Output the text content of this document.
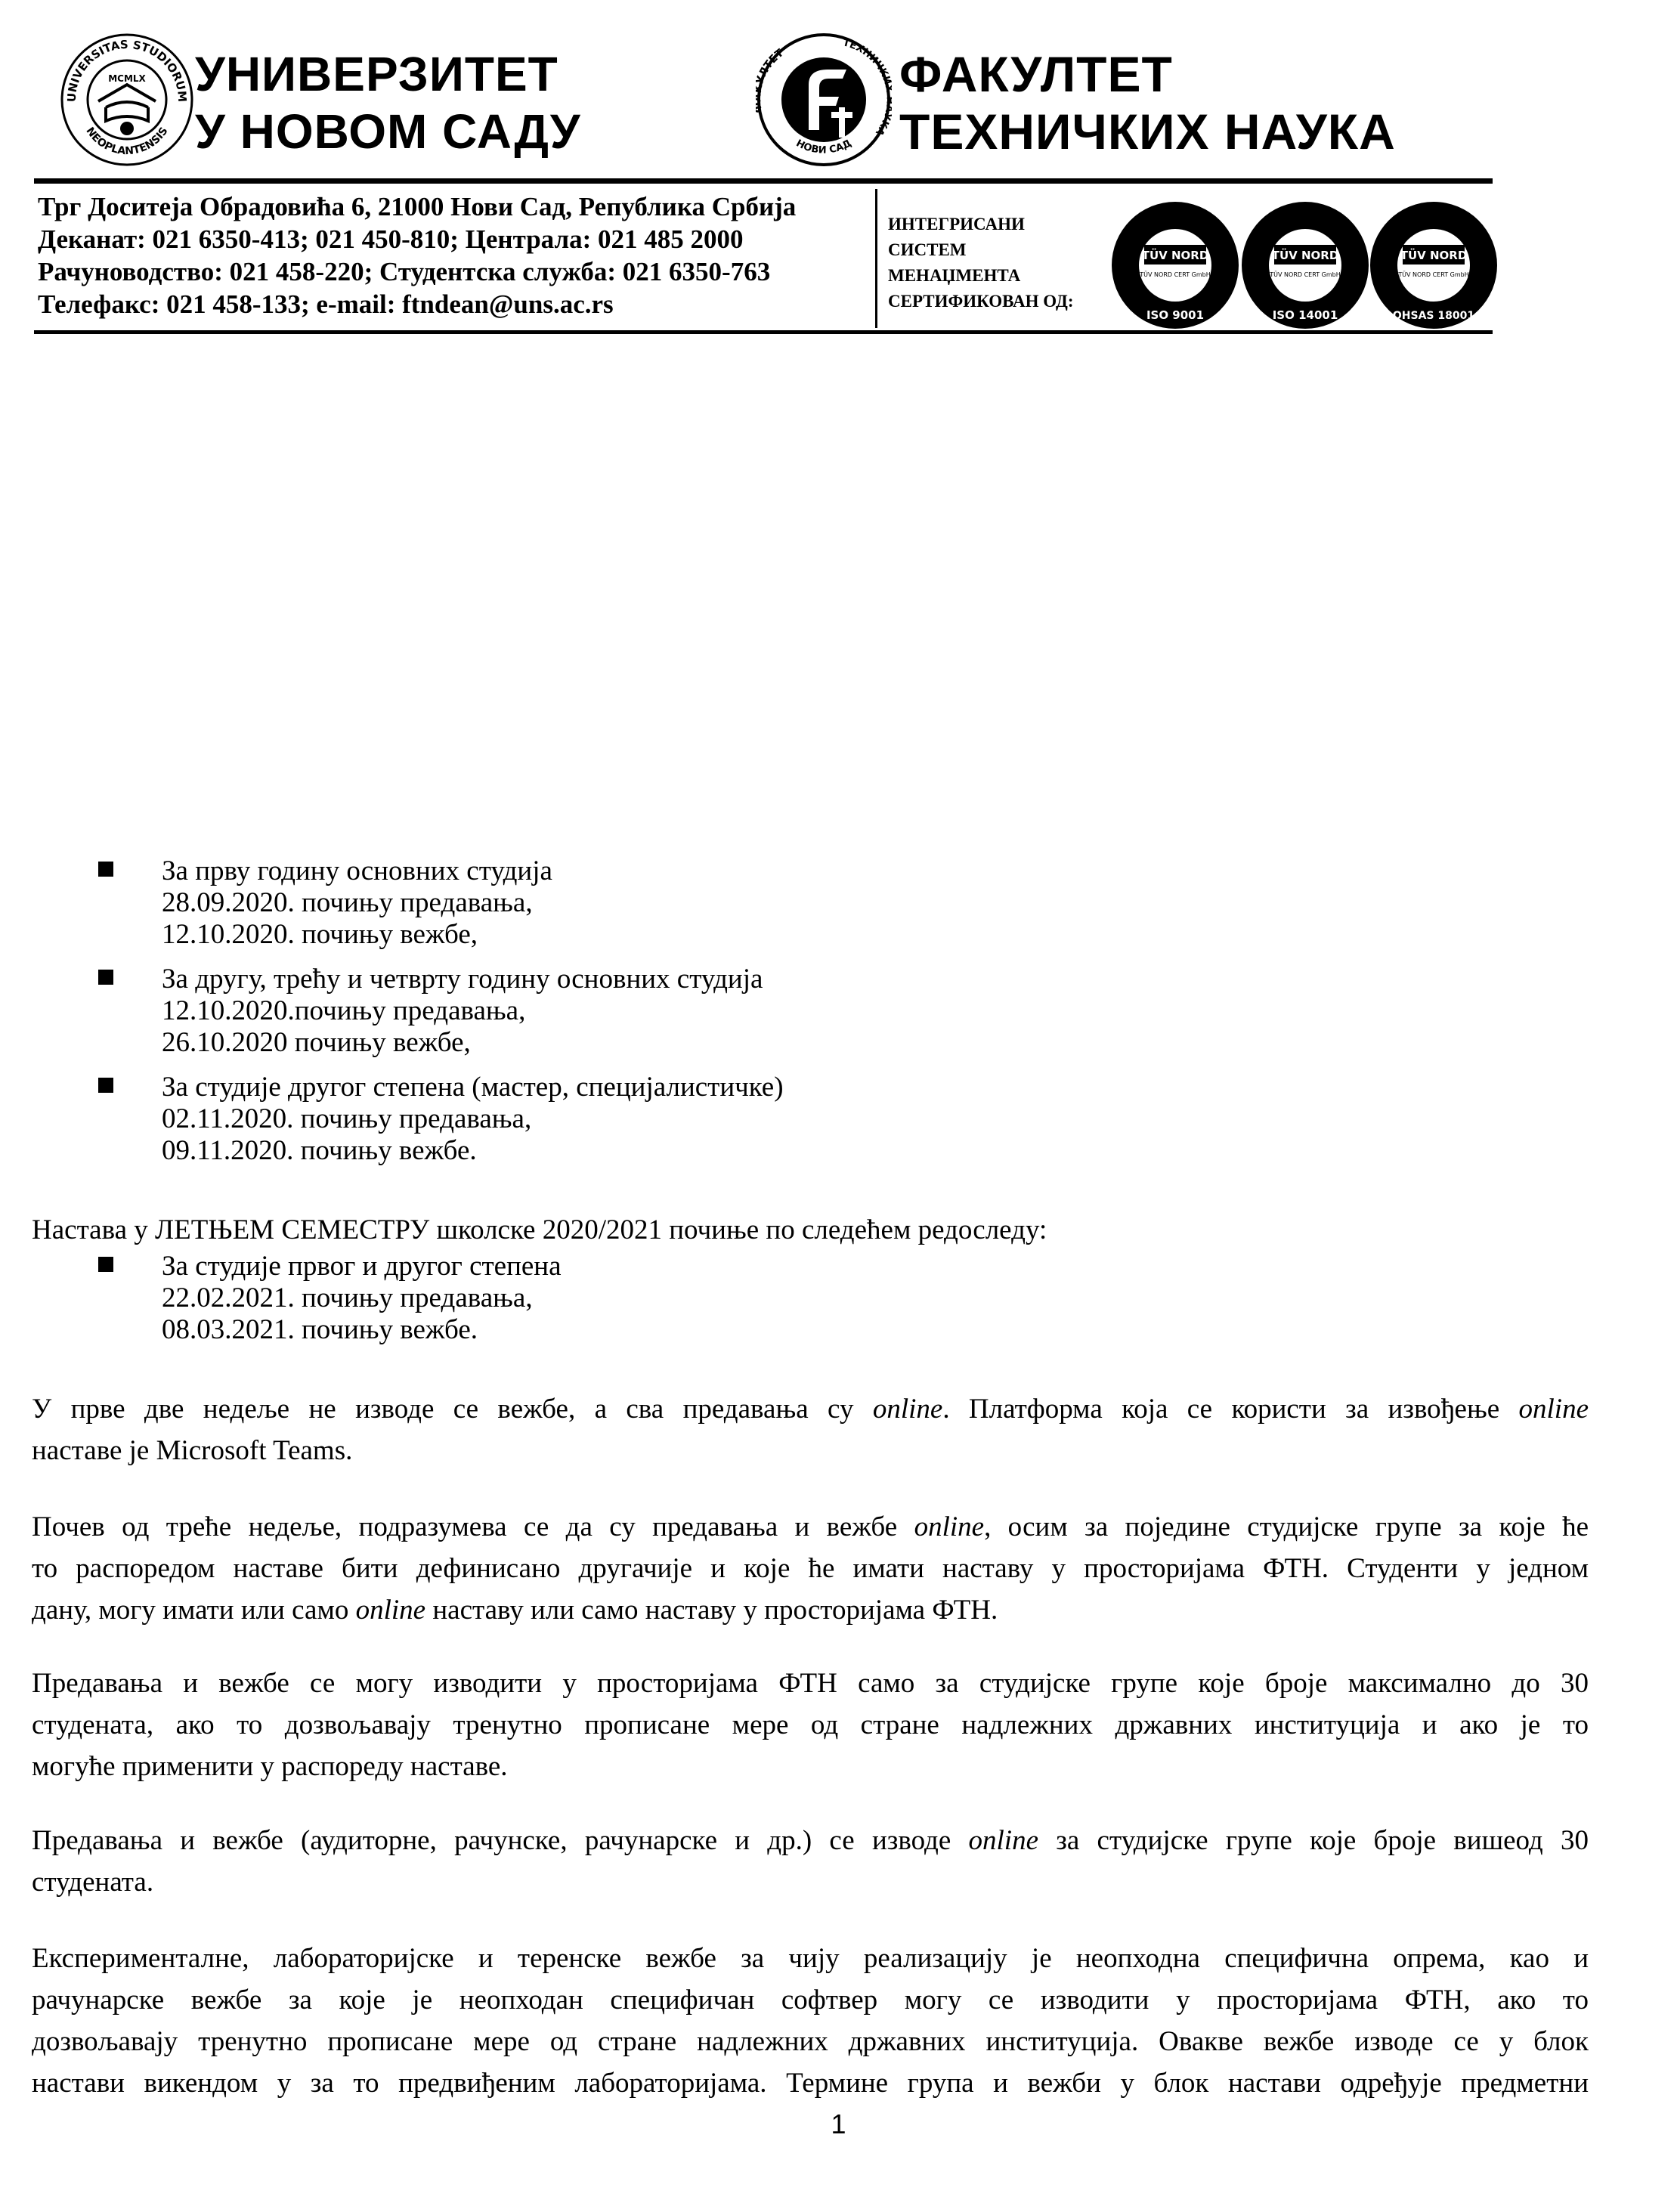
UNIVERSITAS STUDIORUM
NEOPLANTENSIS
MCMLX УНИВЕРЗИТЕТ
У НОВОМ САДУ
ЛТЕТ
ТЕХНИЧК КА
НОВИ САД
ФАКУЛТЕТ
ТЕХНИЧКИХ НАУКА
Трг Доситеја Обрадовића 6, 21000 Нови Сад, Република Србија
Деканат: 021 6350-413; 021 450-810; Централа: 021 485 2000
Рачуноводство: 021 458-220; Студентска служба: 021 6350-763
Телефакс: 021 458-133; e-mail: ftndean@uns.ac.rs
ИНТЕГРИСАНИ
СИСТЕМ
МЕНАЏМЕНТА
СЕРТИФИКОВАН ОД:
TÜV NORD
TÜV NORD CERT GmbH
ISO 9001
TÜV NORD
TÜV NORD CERT GmbH
ISO 14001
TÜV NORD
TÜV NORD CERT GmbH
OHSAS 18001
За прву годину основних студија
28.09.2020. почињу предавања,
12.10.2020. почињу вежбе,
За другу, трећу и четврту годину основних студија
12.10.2020.почињу предавања,
26.10.2020 почињу вежбе,
За студије другог степена (мастер, специјалистичке)
02.11.2020. почињу предавања,
09.11.2020. почињу вежбе.
Настава у ЛЕТЊЕМ СЕМЕСТРУ школске 2020/2021 почиње по следећем редоследу:
За студије првог и другог степена
22.02.2021. почињу предавања,
08.03.2021. почињу вежбе.
У прве две недеље не изводе се вежбе, а сва предавања су online. Платформа која се користи за извођење online
наставе је Microsoft Teams.
Почев од треће недеље, подразумева се да су предавања и вежбе online, осим за поједине студијске групе за које ће
то распоредом наставе бити дефинисано другачије и које ће имати наставу у просторијама ФТН. Студенти у једном
дану, могу имати или само online наставу или само наставу у просторијама ФТН.
Предавања и вежбе се могу изводити у просторијама ФТН само за студијске групе које броје максимално до 30
студената, ако то дозвољавају тренутно прописане мере од стране надлежних државних институција и ако је то
могуће применити у распореду наставе.
Предавања и вежбе (аудиторне, рачунске, рачунарске и др.) се изводе online за студијске групе које броје вишеод 30
студената.
Експерименталне, лабораторијске и теренске вежбе за чију реализацију је неопходна специфична опрема, као и
рачунарске вежбе за које је неопходан специфичан софтвер могу се изводити у просторијама ФТН, ако то
дозвољавају тренутно прописане мере од стране надлежних државних институција. Овакве вежбе изводе се у блок
настави викендом у за то предвиђеним лабораторијама. Термине група и вежби у блок настави одређује предметни
1
